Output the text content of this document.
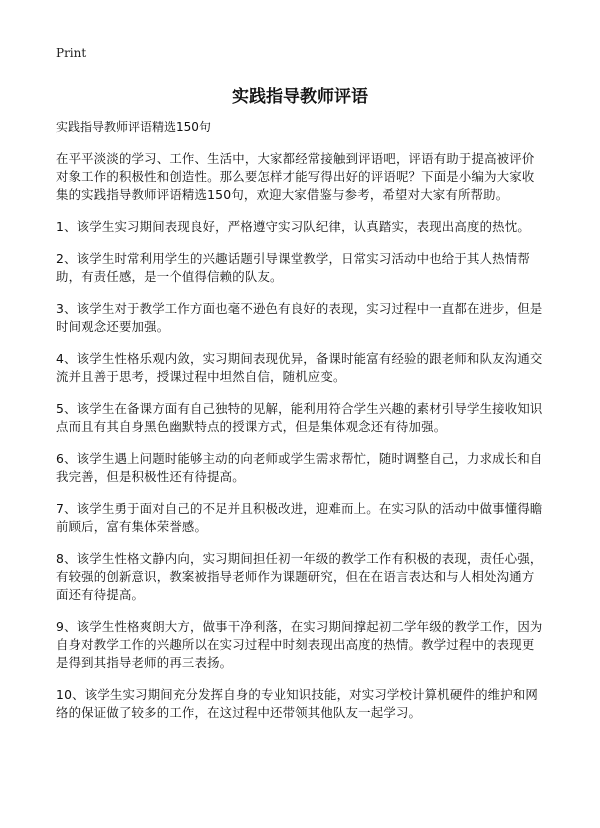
Print
实践指导教师评语

实践指导教师评语精选150句

在平平淡淡的学习、工作、生活中，大家都经常接触到评语吧，评语有助于提高被评价对象工作的积极性和创造性。那么要怎样才能写得出好的评语呢？下面是小编为大家收集的实践指导教师评语精选150句，欢迎大家借鉴与参考，希望对大家有所帮助。

1、该学生实习期间表现良好，严格遵守实习队纪律，认真踏实，表现出高度的热忱。

2、该学生时常利用学生的兴趣话题引导课堂教学，日常实习活动中也给于其人热情帮助，有责任感，是一个值得信赖的队友。

3、该学生对于教学工作方面也毫不逊色有良好的表现，实习过程中一直都在进步，但是时间观念还要加强。

4、该学生性格乐观内敛，实习期间表现优异，备课时能富有经验的跟老师和队友沟通交流并且善于思考，授课过程中坦然自信，随机应变。

5、该学生在备课方面有自己独特的见解，能利用符合学生兴趣的素材引导学生接收知识点而且有其自身黑色幽默特点的授课方式，但是集体观念还有待加强。

6、该学生遇上问题时能够主动的向老师或学生需求帮忙，随时调整自己，力求成长和自我完善，但是积极性还有待提高。

7、该学生勇于面对自己的不足并且积极改进，迎难而上。在实习队的活动中做事懂得瞻前顾后，富有集体荣誉感。

8、该学生性格文静内向，实习期间担任初一年级的教学工作有积极的表现，责任心强，有较强的创新意识，教案被指导老师作为课题研究，但在在语言表达和与人相处沟通方面还有待提高。

9、该学生性格爽朗大方，做事干净利落，在实习期间撑起初二学年级的教学工作，因为自身对教学工作的兴趣所以在实习过程中时刻表现出高度的热情。教学过程中的表现更是得到其指导老师的再三表扬。

10、该学生实习期间充分发挥自身的专业知识技能，对实习学校计算机硬件的维护和网络的保证做了较多的工作，在这过程中还带领其他队友一起学习。
